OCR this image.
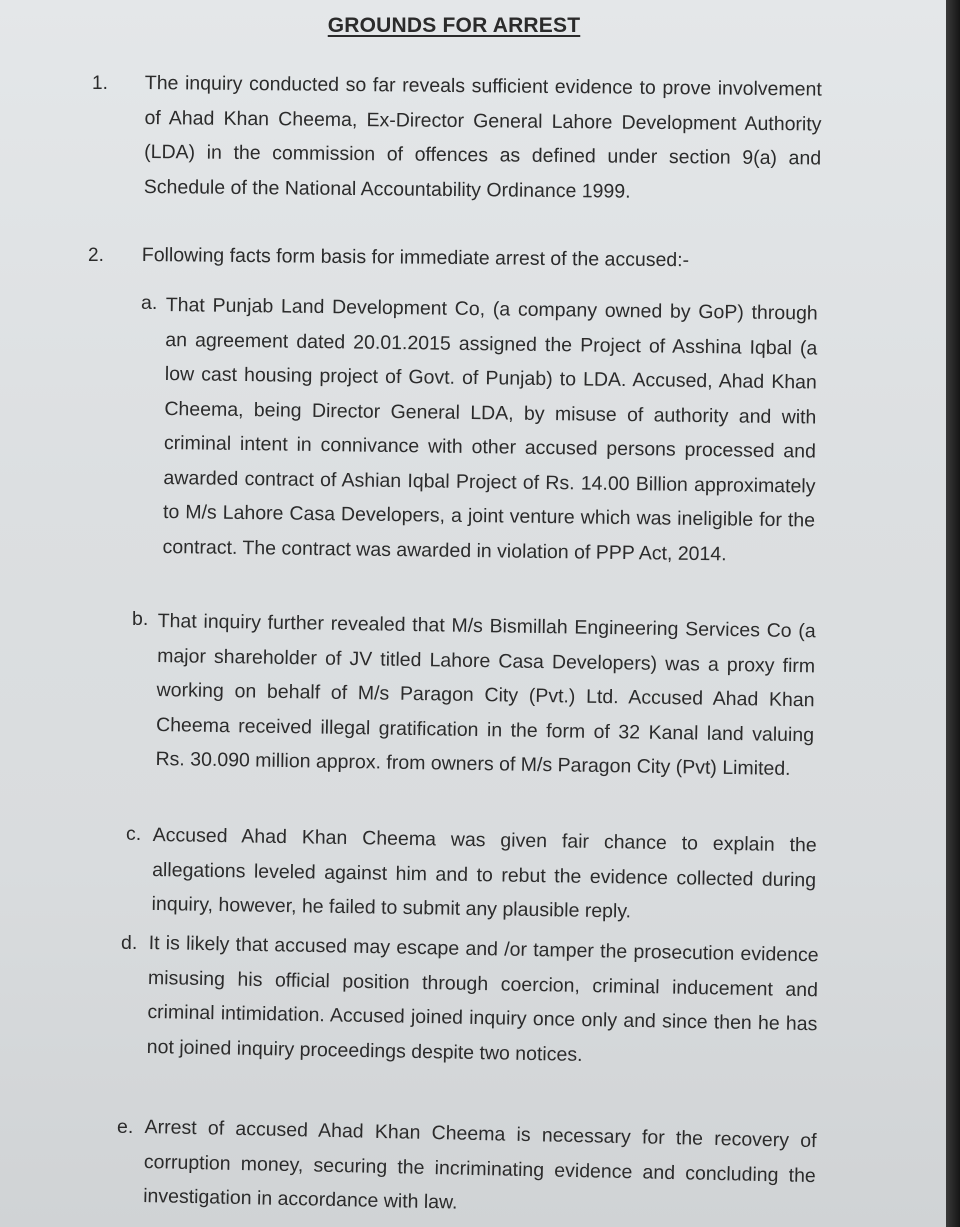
GROUNDS FOR ARREST
1. The inquiry conducted so far reveals sufficient evidence to prove involvement of Ahad Khan Cheema, Ex-Director General Lahore Development Authority (LDA) in the commission of offences as defined under section 9(a) and Schedule of the National Accountability Ordinance 1999.

2. Following facts form basis for immediate arrest of the accused:-

a. That Punjab Land Development Co, (a company owned by GoP) through an agreement dated 20.01.2015 assigned the Project of Asshina Iqbal (a low cast housing project of Govt. of Punjab) to LDA. Accused, Ahad Khan Cheema, being Director General LDA, by misuse of authority and with criminal intent in connivance with other accused persons processed and awarded contract of Ashian Iqbal Project of Rs. 14.00 Billion approximately to M/s Lahore Casa Developers, a joint venture which was ineligible for the contract. The contract was awarded in violation of PPP Act, 2014.

b. That inquiry further revealed that M/s Bismillah Engineering Services Co (a major shareholder of JV titled Lahore Casa Developers) was a proxy firm working on behalf of M/s Paragon City (Pvt.) Ltd. Accused Ahad Khan Cheema received illegal gratification in the form of 32 Kanal land valuing Rs. 30.090 million approx. from owners of M/s Paragon City (Pvt) Limited.

c. Accused Ahad Khan Cheema was given fair chance to explain the allegations leveled against him and to rebut the evidence collected during inquiry, however, he failed to submit any plausible reply.

d. It is likely that accused may escape and /or tamper the prosecution evidence misusing his official position through coercion, criminal inducement and criminal intimidation. Accused joined inquiry once only and since then he has not joined inquiry proceedings despite two notices.

e. Arrest of accused Ahad Khan Cheema is necessary for the recovery of corruption money, securing the incriminating evidence and concluding the investigation in accordance with law.
